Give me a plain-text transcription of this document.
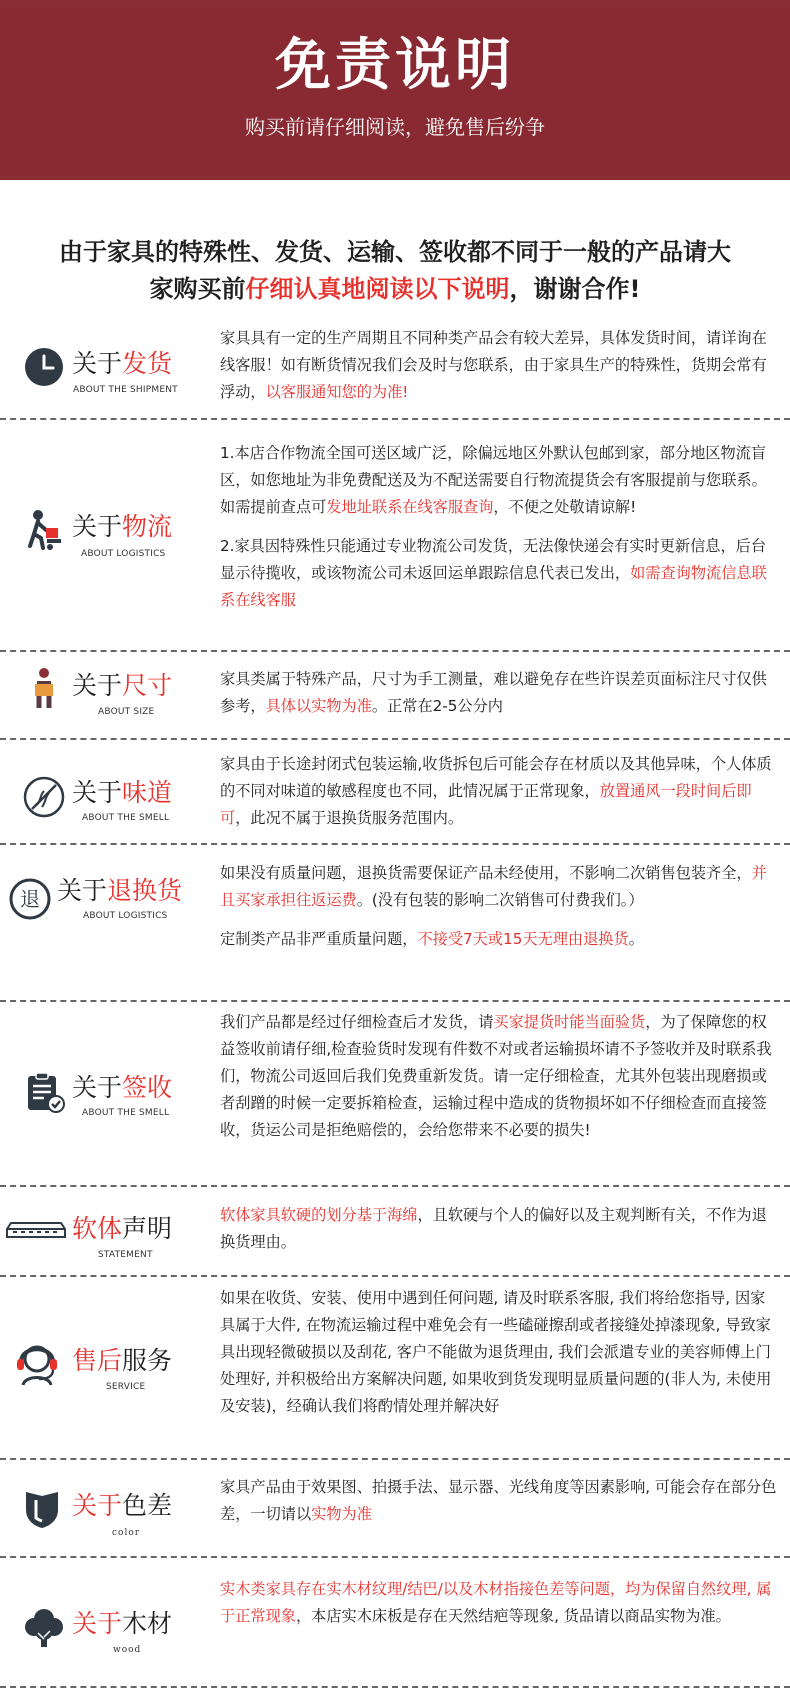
免责说明
购买前请仔细阅读，避免售后纷争
由于家具的特殊性、发货、运输、签收都不同于一般的产品请大
家购买前仔细认真地阅读以下说明，谢谢合作!
关于发货
ABOUT THE SHIPMENT

家具具有一定的生产周期且不同种类产品会有较大差异，具体发货时间，请详询在线客服！如有断货情况我们会及时与您联系，由于家具生产的特殊性，货期会常有浮动，以客服通知您的为准!

关于物流
ABOUT LOGISTICS

1.本店合作物流全国可送区域广泛，除偏远地区外默认包邮到家，部分地区物流盲区，如您地址为非免费配送及为不配送需要自行物流提货会有客服提前与您联系。如需提前查点可发地址联系在线客服查询，不便之处敬请谅解!

2.家具因特殊性只能通过专业物流公司发货，无法像快递会有实时更新信息，后台显示待揽收，或该物流公司未返回运单跟踪信息代表已发出，如需查询物流信息联系在线客服

关于尺寸
ABOUT SIZE

家具类属于特殊产品，尺寸为手工测量，难以避免存在些许误差页面标注尺寸仅供参考，具体以实物为准。正常在2-5公分内

关于味道
ABOUT THE SMELL

家具由于长途封闭式包装运输,收货拆包后可能会存在材质以及其他异味，个人体质的不同对味道的敏感程度也不同，此情况属于正常现象，放置通风一段时间后即可，此况不属于退换货服务范围内。

退 关于退换货
ABOUT LOGISTICS

如果没有质量问题，退换货需要保证产品未经使用，不影响二次销售包装齐全，并且买家承担往返运费。(没有包装的影响二次销售可付费我们。）

定制类产品非严重质量问题，不接受7天或15天无理由退换货。

关于签收
ABOUT THE SMELL

我们产品都是经过仔细检查后才发货，请买家提货时能当面验货，为了保障您的权益签收前请仔细,检查验货时发现有件数不对或者运输损坏请不予签收并及时联系我们，物流公司返回后我们免费重新发货。请一定仔细检查，尤其外包装出现磨损或者刮蹭的时候一定要拆箱检查，运输过程中造成的货物损坏如不仔细检查而直接签收，货运公司是拒绝赔偿的，会给您带来不必要的损失!

软体声明
STATEMENT

软体家具软硬的划分基于海绵，且软硬与个人的偏好以及主观判断有关，不作为退换货理由。

售后服务
SERVICE

如果在收货、安装、使用中遇到任何问题, 请及时联系客服, 我们将给您指导, 因家具属于大件, 在物流运输过程中难免会有一些磕碰擦刮或者接缝处掉漆现象, 导致家具出现轻微破损以及刮花, 客户不能做为退货理由, 我们会派遣专业的美容师傅上门处理好, 并积极给出方案解决问题, 如果收到货发现明显质量问题的(非人为, 未使用及安装)，经确认我们将酌情处理并解决好

关于色差
color

家具产品由于效果图、拍摄手法、显示器、光线角度等因素影响, 可能会存在部分色差，一切请以实物为准

关于木材
wood

实木类家具存在实木材纹理/结巴/以及木材指接色差等问题，均为保留自然纹理, 属于正常现象，本店实木床板是存在天然结疤等现象, 货品请以商品实物为准。
